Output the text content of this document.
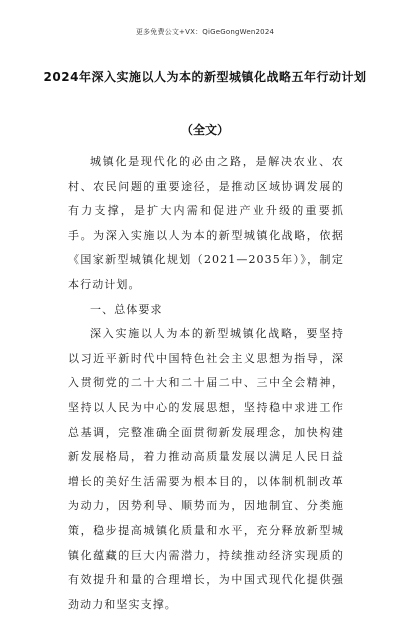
更多免费公文+VX：QiGeGongWen2024
2024年深入实施以人为本的新型城镇化战略五年行动计划
（全文）

城镇化是现代化的必由之路，是解决农业、农村、农民问题的重要途径，是推动区域协调发展的有力支撑，是扩大内需和促进产业升级的重要抓手。为深入实施以人为本的新型城镇化战略，依据《国家新型城镇化规划（2021—2035年）》，制定本行动计划。

一、总体要求

深入实施以人为本的新型城镇化战略，要坚持以习近平新时代中国特色社会主义思想为指导，深入贯彻党的二十大和二十届二中、三中全会精神，坚持以人民为中心的发展思想，坚持稳中求进工作总基调，完整准确全面贯彻新发展理念，加快构建新发展格局，着力推动高质量发展以满足人民日益增长的美好生活需要为根本目的，以体制机制改革为动力，因势利导、顺势而为，因地制宜、分类施策，稳步提高城镇化质量和水平，充分释放新型城镇化蕴藏的巨大内需潜力，持续推动经济实现质的有效提升和量的合理增长，为中国式现代化提供强劲动力和坚实支撑。
